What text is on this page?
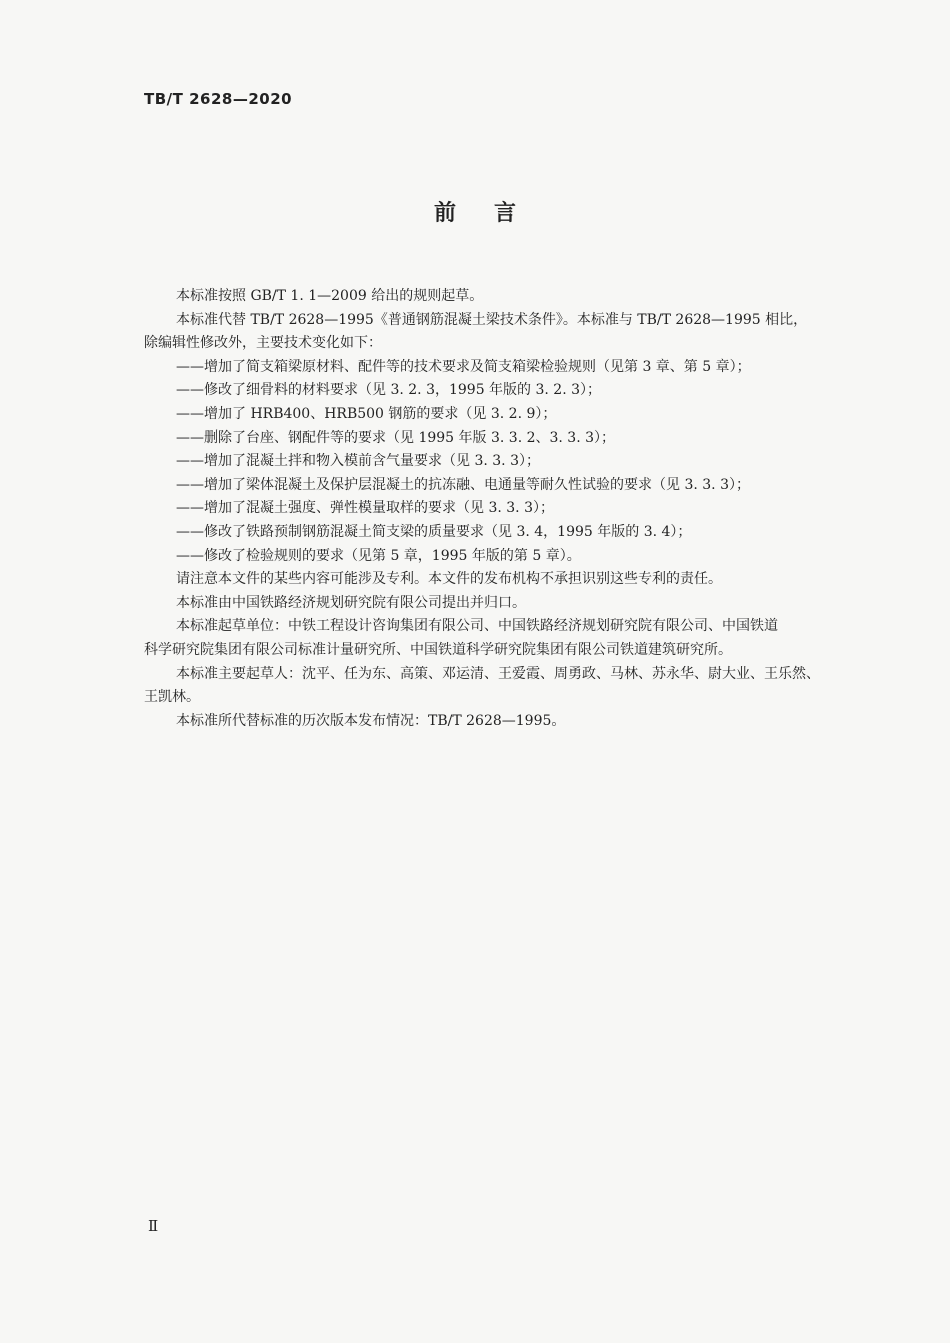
TB/T 2628—2020
前言

本标准按照 GB/T 1. 1—2009 给出的规则起草。

本标准代替 TB/T 2628—1995《普通钢筋混凝土梁技术条件》。本标准与 TB/T 2628—1995 相比，

除编辑性修改外，主要技术变化如下：

——增加了简支箱梁原材料、配件等的技术要求及简支箱梁检验规则（见第 3 章、第 5 章）；

——修改了细骨料的材料要求（见 3. 2. 3，1995 年版的 3. 2. 3）；

——增加了 HRB400、HRB500 钢筋的要求（见 3. 2. 9）；

——删除了台座、钢配件等的要求（见 1995 年版 3. 3. 2、3. 3. 3）；

——增加了混凝土拌和物入模前含气量要求（见 3. 3. 3）；

——增加了梁体混凝土及保护层混凝土的抗冻融、电通量等耐久性试验的要求（见 3. 3. 3）；

——增加了混凝土强度、弹性模量取样的要求（见 3. 3. 3）；

——修改了铁路预制钢筋混凝土简支梁的质量要求（见 3. 4，1995 年版的 3. 4）；

——修改了检验规则的要求（见第 5 章，1995 年版的第 5 章）。

请注意本文件的某些内容可能涉及专利。本文件的发布机构不承担识别这些专利的责任。

本标准由中国铁路经济规划研究院有限公司提出并归口。

本标准起草单位：中铁工程设计咨询集团有限公司、中国铁路经济规划研究院有限公司、中国铁道

科学研究院集团有限公司标准计量研究所、中国铁道科学研究院集团有限公司铁道建筑研究所。

本标准主要起草人：沈平、任为东、高策、邓运清、王爱霞、周勇政、马林、苏永华、尉大业、王乐然、

王凯林。

本标准所代替标准的历次版本发布情况：TB/T 2628—1995。

Ⅱ
